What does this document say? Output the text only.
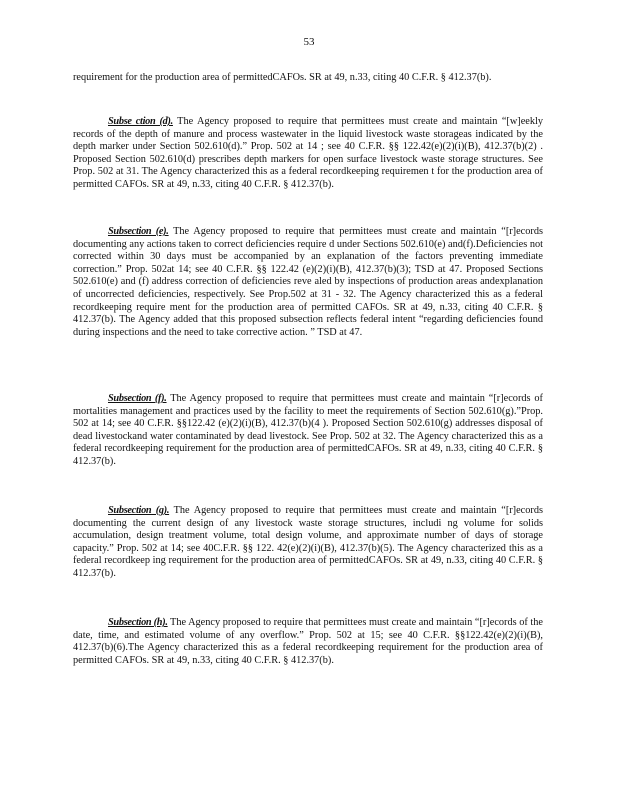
53

requirement for the production area of permittedCAFOs. SR at 49, n.33, citing 40 C.F.R. § 412.37(b).

Subse ction (d). The Agency proposed to require that permittees must create and maintain “[w]eekly records of the depth of manure and process wastewater in the liquid livestock waste storageas indicated by the depth marker under Section 502.610(d).” Prop. 502 at 14 ; see 40 C.F.R. §§ 122.42(e)(2)(i)(B), 412.37(b)(2) . Proposed Section 502.610(d) prescribes depth markers for open surface livestock waste storage structures. See Prop. 502 at 31. The Agency characterized this as a federal recordkeeping requiremen t for the production area of permitted CAFOs. SR at 49, n.33, citing 40 C.F.R. § 412.37(b).

Subsection (e). The Agency proposed to require that permittees must create and maintain “[r]ecords documenting any actions taken to correct deficiencies require d under Sections 502.610(e) and(f).Deficiencies not corrected within 30 days must be accompanied by an explanation of the factors preventing immediate correction.” Prop. 502at 14; see 40 C.F.R. §§ 122.42 (e)(2)(i)(B), 412.37(b)(3); TSD at 47. Proposed Sections 502.610(e) and (f) address correction of deficiencies reve aled by inspections of production areas andexplanation of uncorrected deficiencies, respectively. See Prop.502 at 31 - 32. The Agency characterized this as a federal recordkeeping require ment for the production area of permitted CAFOs. SR at 49, n.33, citing 40 C.F.R. § 412.37(b). The Agency added that this proposed subsection reflects federal intent “regarding deficiencies found during inspections and the need to take corrective action. ” TSD at 47.

Subsection (f). The Agency proposed to require that permittees must create and maintain “[r]ecords of mortalities management and practices used by the facility to meet the requirements of Section 502.610(g).”Prop. 502 at 14; see 40 C.F.R. §§122.42 (e)(2)(i)(B), 412.37(b)(4 ). Proposed Section 502.610(g) addresses disposal of dead livestockand water contaminated by dead livestock. See Prop. 502 at 32. The Agency characterized this as a federal recordkeeping requirement for the production area of permittedCAFOs. SR at 49, n.33, citing 40 C.F.R. § 412.37(b).

Subsection (g). The Agency proposed to require that permittees must create and maintain “[r]ecords documenting the current design of any livestock waste storage structures, includi ng volume for solids accumulation, design treatment volume, total design volume, and approximate number of days of storage capacity.” Prop. 502 at 14; see 40C.F.R. §§ 122. 42(e)(2)(i)(B), 412.37(b)(5). The Agency characterized this as a federal recordkeep ing requirement for the production area of permittedCAFOs. SR at 49, n.33, citing 40 C.F.R. § 412.37(b).

Subsection (h). The Agency proposed to require that permittees must create and maintain “[r]ecords of the date, time, and estimated volume of any overflow.” Prop. 502 at 15; see 40 C.F.R. §§122.42(e)(2)(i)(B), 412.37(b)(6).The Agency characterized this as a federal recordkeeping requirement for the production area of permitted CAFOs. SR at 49, n.33, citing 40 C.F.R. § 412.37(b).
